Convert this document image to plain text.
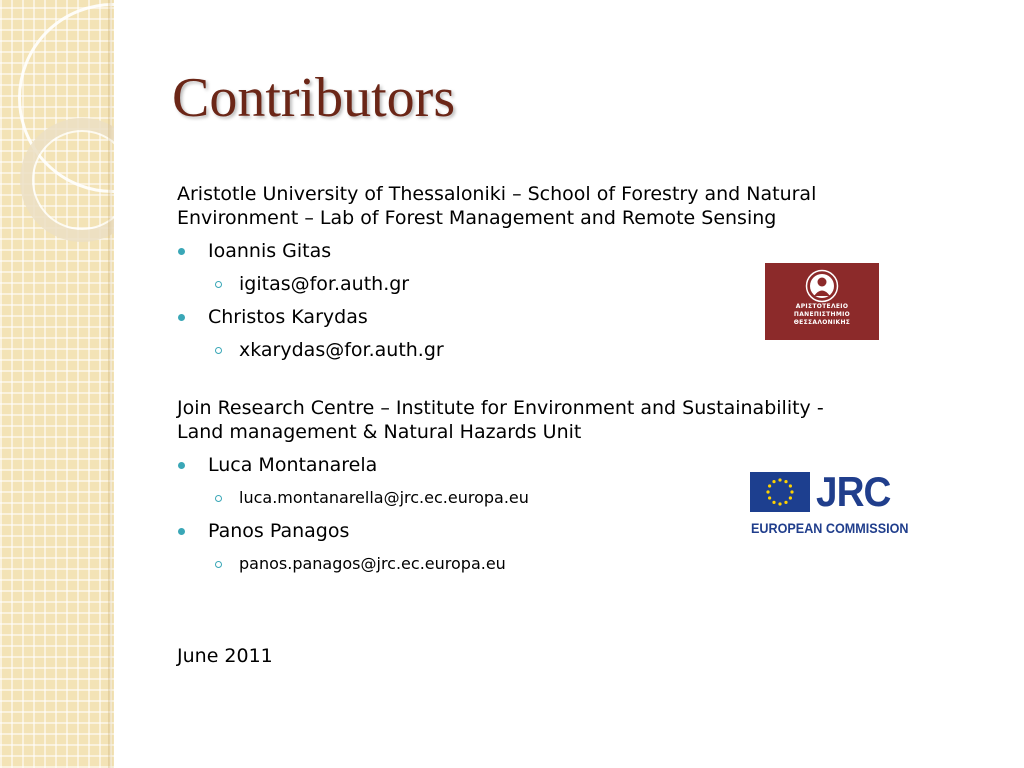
Contributors
Aristotle University of Thessaloniki – School of Forestry and Natural
Environment – Lab of Forest Management and Remote Sensing
Ioannis Gitas
igitas@for.auth.gr
Christos Karydas
xkarydas@for.auth.gr
Join Research Centre – Institute for Environment and Sustainability -
Land management & Natural Hazards Unit
Luca Montanarela
luca.montanarella@jrc.ec.europa.eu
Panos Panagos
panos.panagos@jrc.ec.europa.eu
June 2011
ΑΡΙΣΤΟΤΕΛΕΙΟ
ΠΑΝΕΠΙΣΤΗΜΙΟ
ΘΕΣΣΑΛΟΝΙΚΗΣ
JRC
EUROPEAN COMMISSION
